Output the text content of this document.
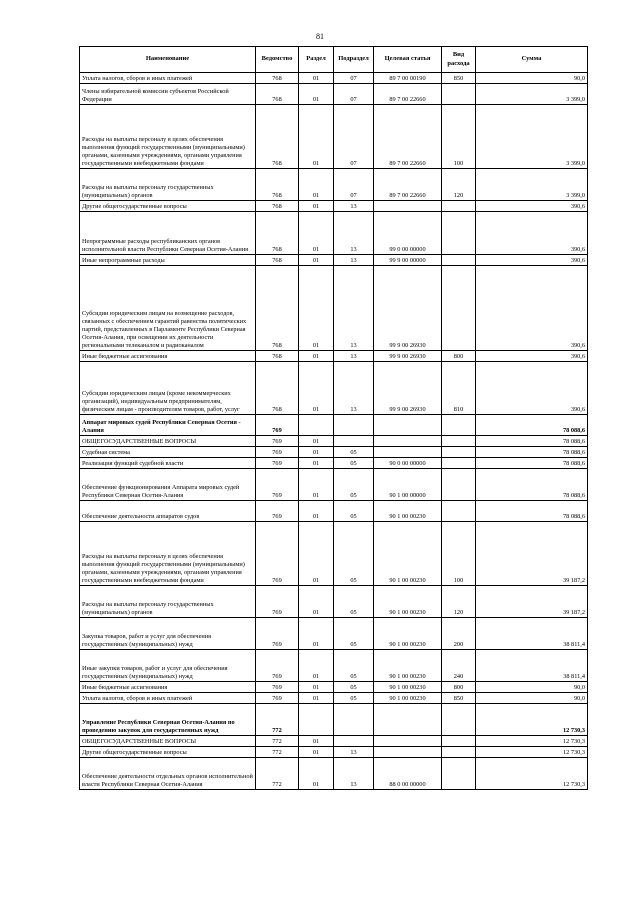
81
Наименование	Ведомство	Раздел	Подраздел	Целевая статья	Вид расхода	Сумма
Уплата налогов, сборов и иных платежей	768	01	07	89 7 00 00190	850	90,0
Члены избирательной комиссии субъектов Российской Федерации	768	01	07	89 7 00 22660		3 399,0
Расходы на выплаты персоналу в целях обеспечения выполнения функций государственными (муниципальными) органами, казенными учреждениями, органами управления государственными внебюджетными фондами	768	01	07	89 7 00 22660	100	3 399,0
Расходы на выплаты персоналу государственных (муниципальных) органов	768	01	07	89 7 00 22660	120	3 399,0
Другие общегосударственные вопросы	768	01	13			390,6
Непрограммные расходы республиканских органов исполнительной власти Республики Северная Осетия-Алания	768	01	13	99 0 00 00000		390,6
Иные непрограммные расходы	768	01	13	99 9 00 00000		390,6
Субсидии юридическим лицам на возмещение расходов, связанных с обеспечением гарантий равенства политических партий, представленных в Парламенте Республики Северная Осетия-Алания, при освещении их деятельности региональными телеканалом и радиоканалом	768	01	13	99 9 00 26930		390,6
Иные бюджетные ассигнования	768	01	13	99 9 00 26930	800	390,6
Субсидии юридическим лицам (кроме некоммерческих организаций), индивидуальным предпринимателям, физическим лицам - производителям товаров, работ, услуг	768	01	13	99 9 00 26930	810	390,6
Аппарат мировых судей Республики Северная Осетия - Алания	769					78 088,6
ОБЩЕГОСУДАРСТВЕННЫЕ ВОПРОСЫ	769	01				78 088,6
Судебная система	769	01	05			78 088,6
Реализация функций судебной власти	769	01	05	90 0 00 00000		78 088,6
Обеспечение функционирования Аппарата мировых судей Республики Северная Осетия-Алания	769	01	05	90 1 00 00000		78 088,6
Обеспечение деятельности аппаратов судов	769	01	05	90 1 00 00230		78 088,6
Расходы на выплаты персоналу в целях обеспечения выполнения функций государственными (муниципальными) органами, казенными учреждениями, органами управления государственными внебюджетными фондами	769	01	05	90 1 00 00230	100	39 187,2
Расходы на выплаты персоналу государственных (муниципальных) органов	769	01	05	90 1 00 00230	120	39 187,2
Закупка товаров, работ и услуг для обеспечения государственных (муниципальных) нужд	769	01	05	90 1 00 00230	200	38 811,4
Иные закупки товаров, работ и услуг для обеспечения государственных (муниципальных) нужд	769	01	05	90 1 00 00230	240	38 811,4
Иные бюджетные ассигнования	769	01	05	90 1 00 00230	800	90,0
Уплата налогов, сборов и иных платежей	769	01	05	90 1 00 00230	850	90,0
Управление Республики Северная Осетия-Алания по проведению закупок для государственных нужд	772					12 730,3
ОБЩЕГОСУДАРСТВЕННЫЕ ВОПРОСЫ	772	01				12 730,3
Другие общегосударственные вопросы	772	01	13			12 730,3
Обеспечение деятельности отдельных органов исполнительной власти Республики Северная Осетия-Алания	772	01	13	88 0 00 00000		12 730,3
